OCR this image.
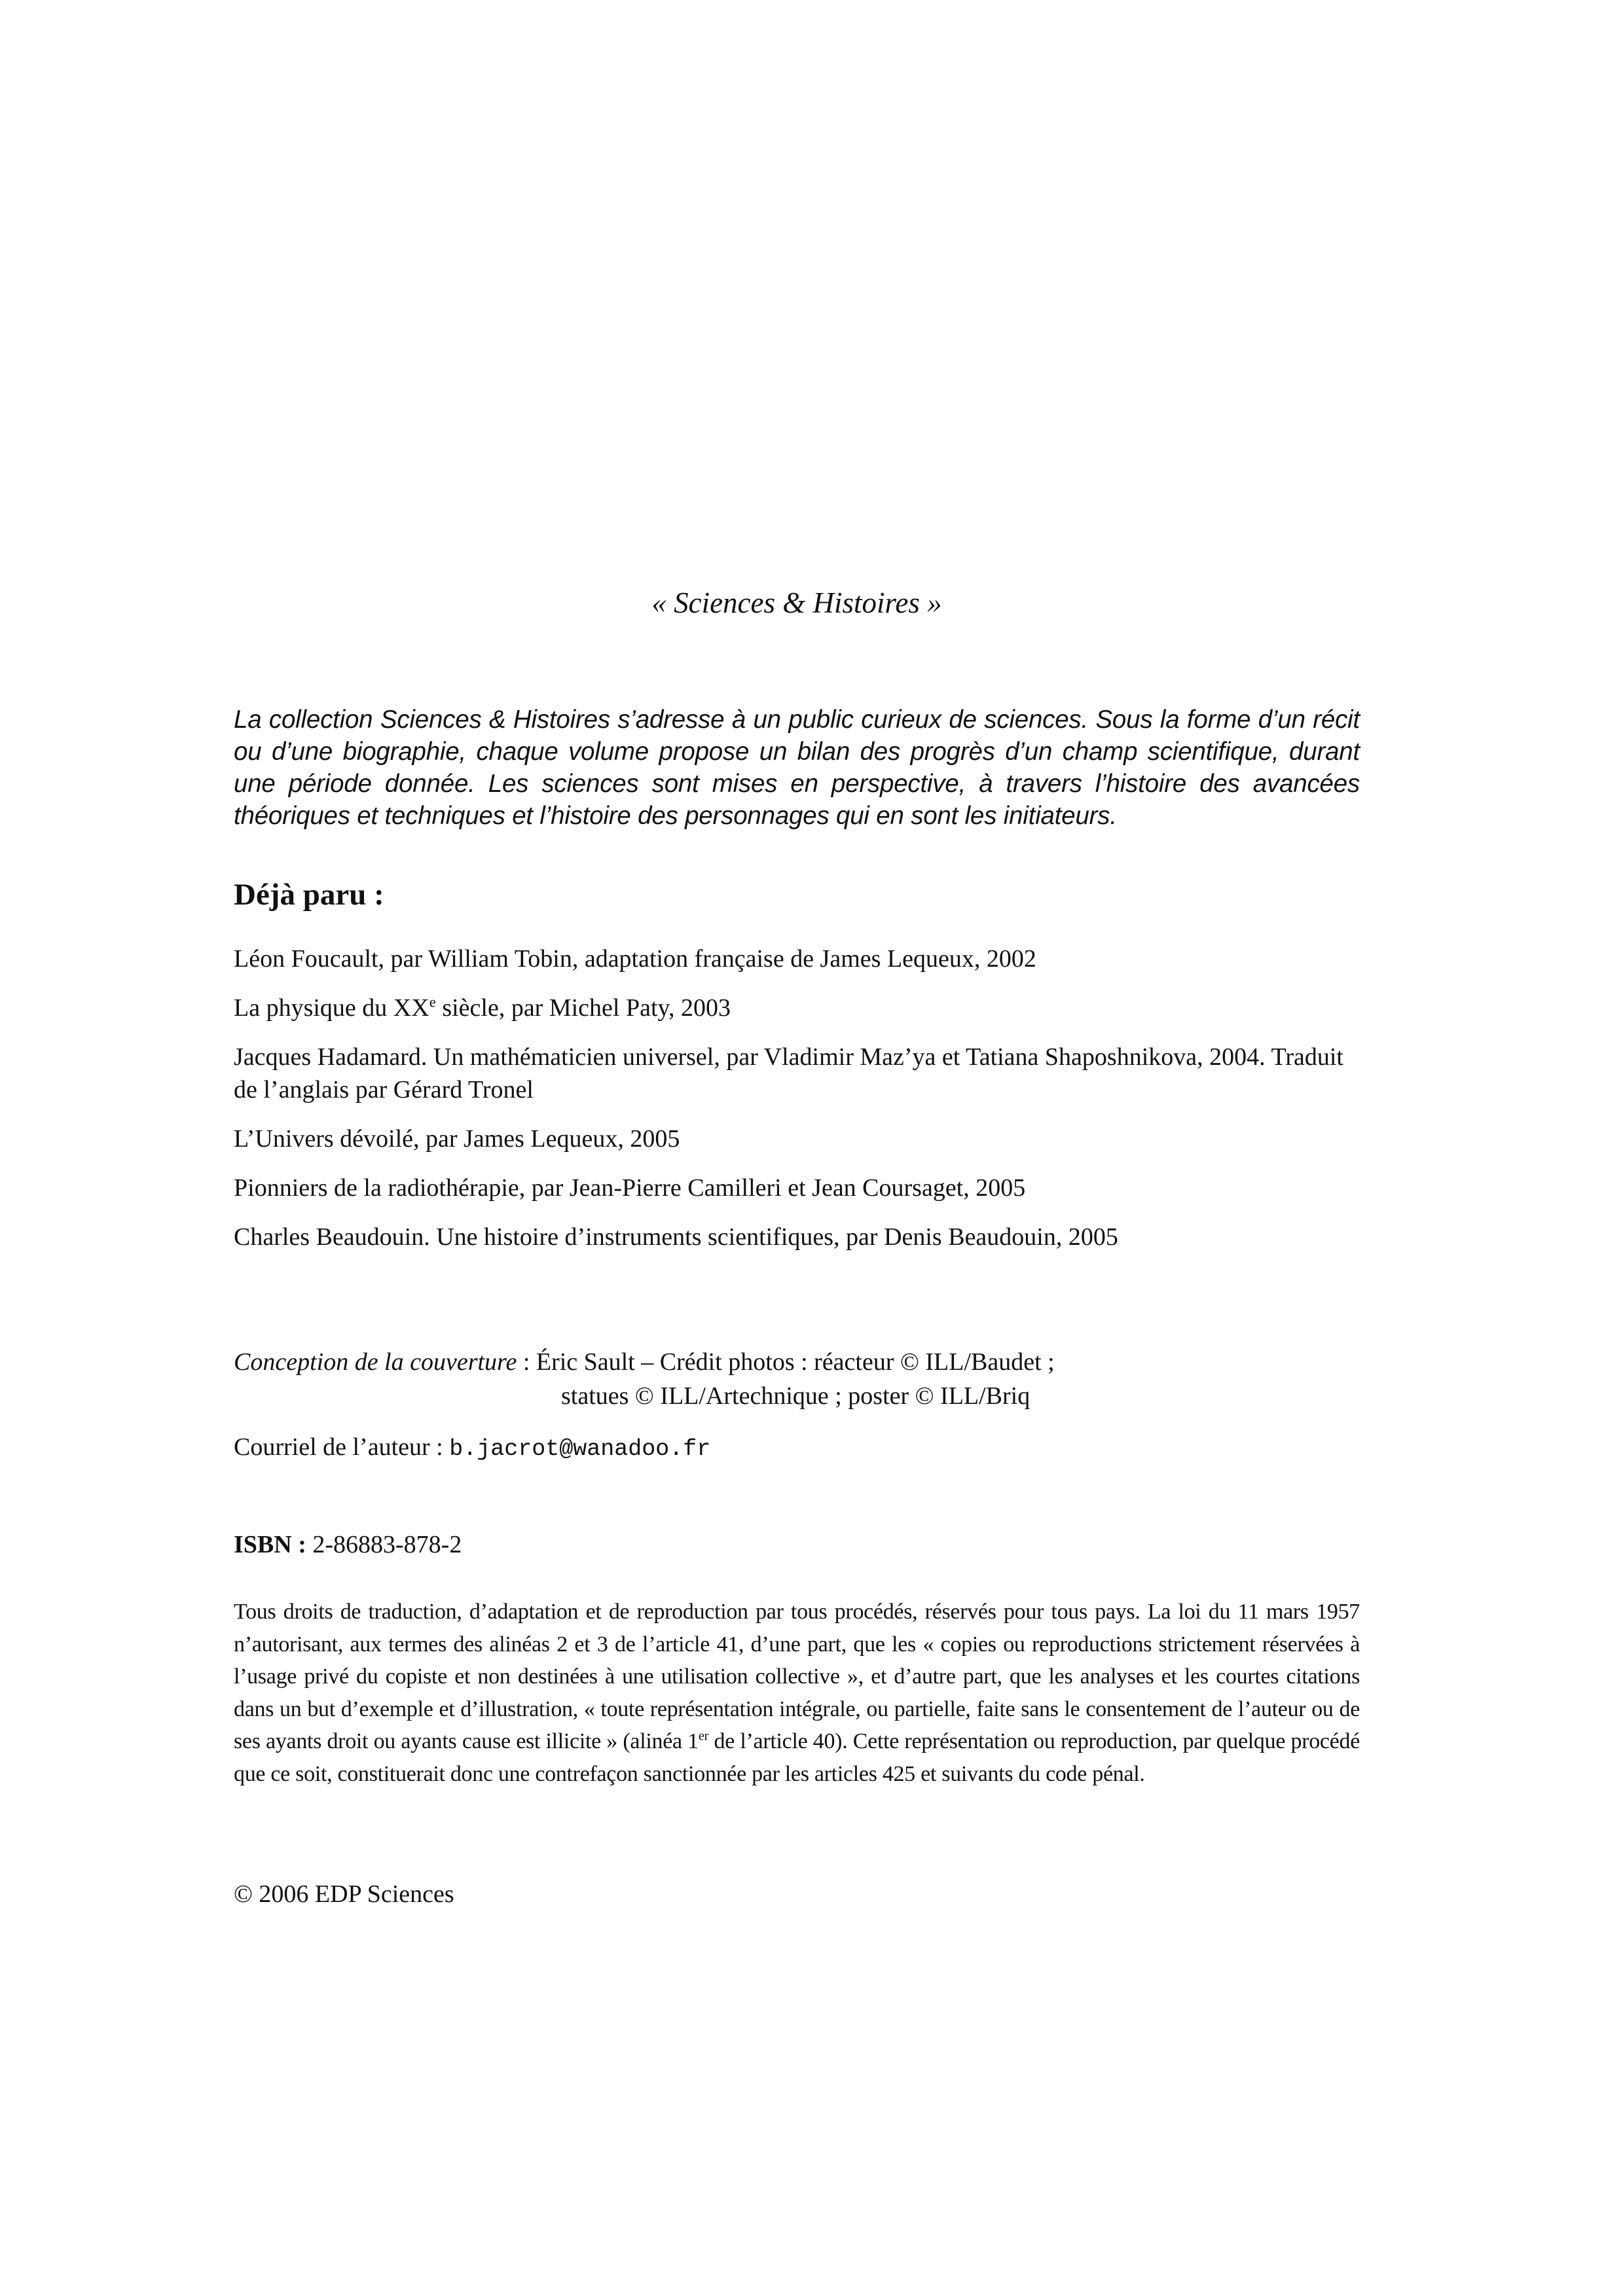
« Sciences & Histoires »
La collection Sciences & Histoires s’adresse à un public curieux de sciences. Sous la forme d’un récit ou d’une biographie, chaque volume propose un bilan des progrès d’un champ scientifique, durant une période donnée. Les sciences sont mises en perspective, à travers l’histoire des avancées théoriques et techniques et l’histoire des personnages qui en sont les initiateurs.
Déjà paru :
Léon Foucault, par William Tobin, adaptation française de James Lequeux, 2002
La physique du XXe siècle, par Michel Paty, 2003
Jacques Hadamard. Un mathématicien universel, par Vladimir Maz’ya et Tatiana Shaposhnikova, 2004. Traduit de l’anglais par Gérard Tronel
L’Univers dévoilé, par James Lequeux, 2005
Pionniers de la radiothérapie, par Jean-Pierre Camilleri et Jean Coursaget, 2005
Charles Beaudouin. Une histoire d’instruments scientifiques, par Denis Beaudouin, 2005
Conception de la couverture : Éric Sault – Crédit photos : réacteur © ILL/Baudet ;
statues © ILL/Artechnique ; poster © ILL/Briq
Courriel de l’auteur : b.jacrot@wanadoo.fr
ISBN : 2-86883-878-2
Tous droits de traduction, d’adaptation et de reproduction par tous procédés, réservés pour tous pays. La loi du 11 mars 1957 n’autorisant, aux termes des alinéas 2 et 3 de l’article 41, d’une part, que les « copies ou reproductions strictement réservées à l’usage privé du copiste et non destinées à une utilisation collective », et d’autre part, que les analyses et les courtes citations dans un but d’exemple et d’illustration, « toute représentation intégrale, ou partielle, faite sans le consentement de l’auteur ou de ses ayants droit ou ayants cause est illicite » (alinéa 1er de l’article 40). Cette représentation ou reproduction, par quelque procédé que ce soit, constituerait donc une contrefaçon sanctionnée par les articles 425 et suivants du code pénal.
© 2006 EDP Sciences
